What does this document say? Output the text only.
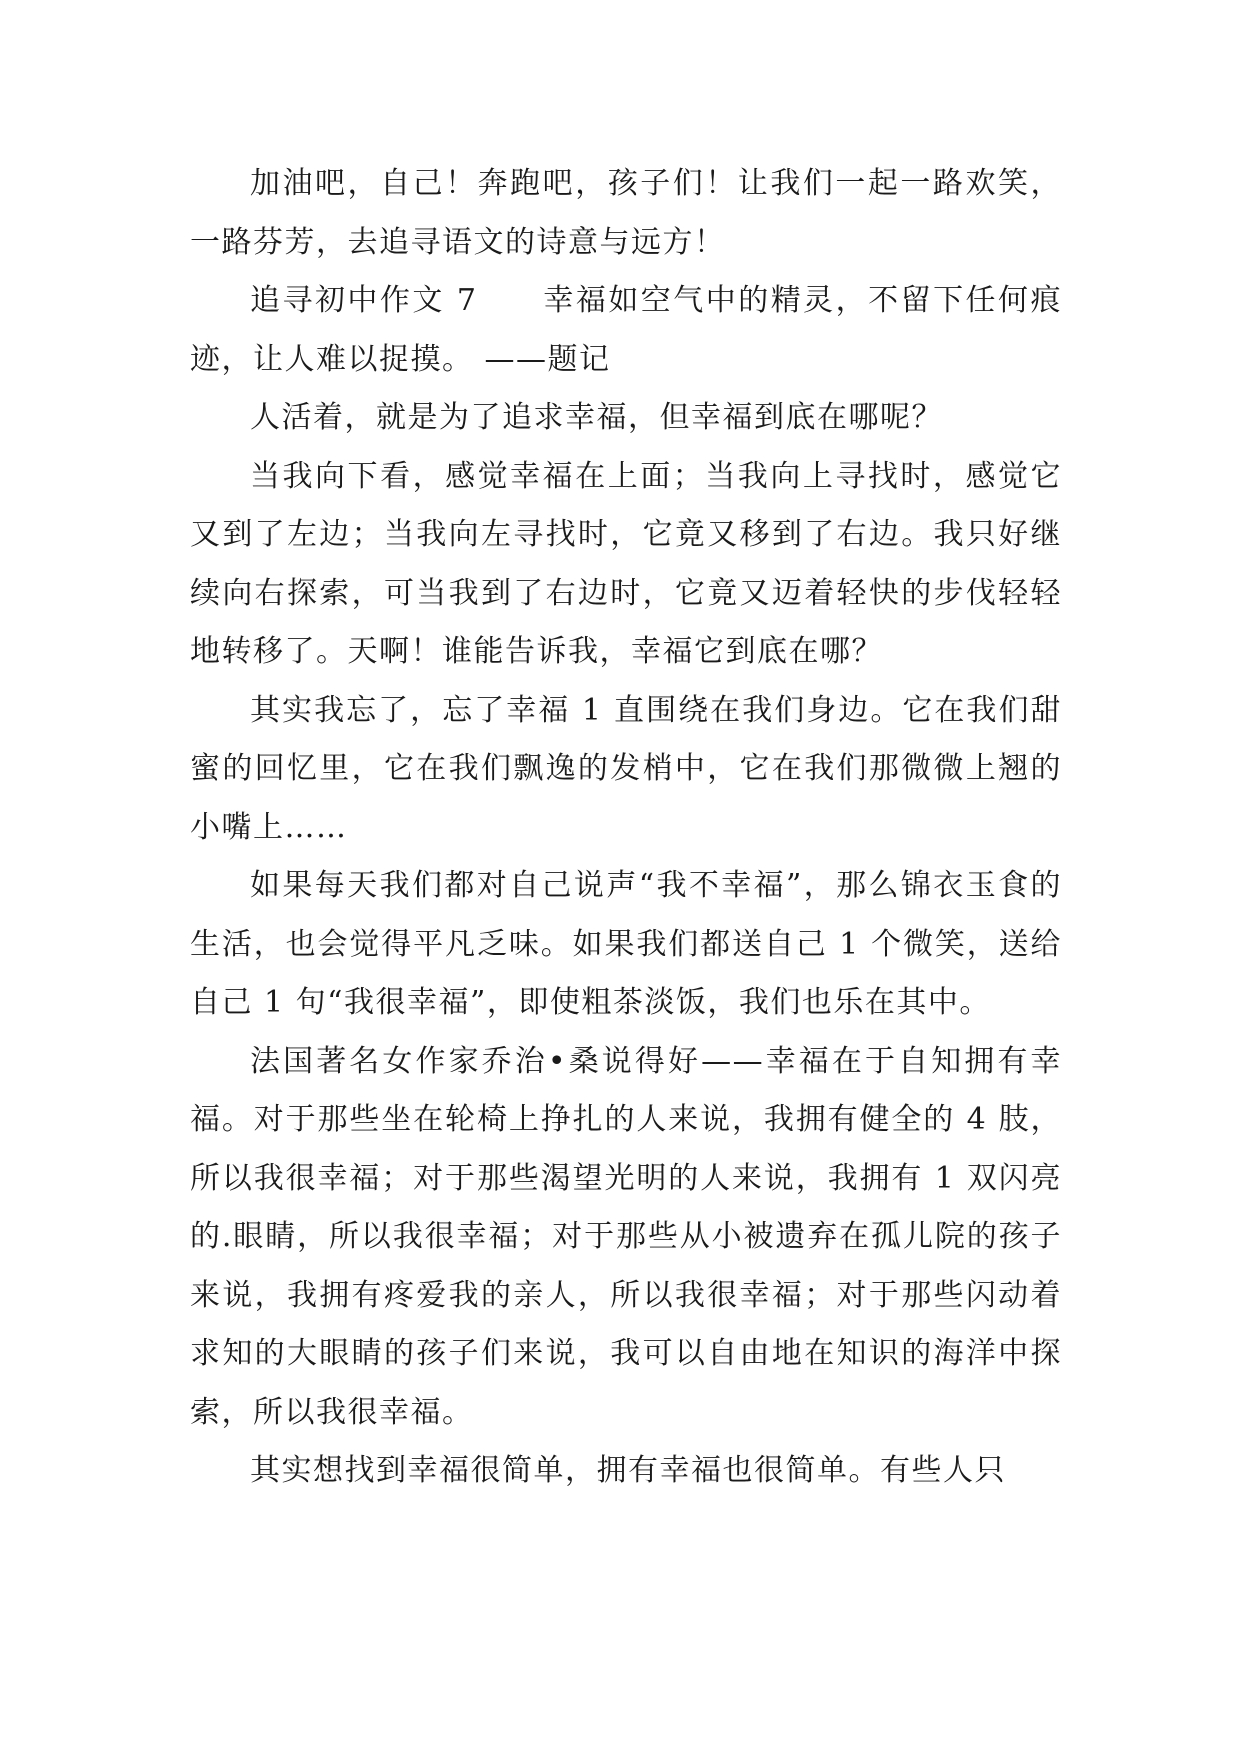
加油吧，自己！奔跑吧，孩子们！让我们一起一路欢笑，一路芬芳，去追寻语文的诗意与远方！

追寻初中作文 7　　幸福如空气中的精灵，不留下任何痕迹，让人难以捉摸。 ——题记

人活着，就是为了追求幸福，但幸福到底在哪呢？

当我向下看，感觉幸福在上面；当我向上寻找时，感觉它又到了左边；当我向左寻找时，它竟又移到了右边。我只好继续向右探索，可当我到了右边时，它竟又迈着轻快的步伐轻轻地转移了。天啊！谁能告诉我，幸福它到底在哪？

其实我忘了，忘了幸福 1 直围绕在我们身边。它在我们甜蜜的回忆里，它在我们飘逸的发梢中，它在我们那微微上翘的小嘴上……

如果每天我们都对自己说声“我不幸福”，那么锦衣玉食的生活，也会觉得平凡乏味。如果我们都送自己 1 个微笑，送给自己 1 句“我很幸福”，即使粗茶淡饭，我们也乐在其中。

法国著名女作家乔治•桑说得好——幸福在于自知拥有幸福。对于那些坐在轮椅上挣扎的人来说，我拥有健全的 4 肢，所以我很幸福；对于那些渴望光明的人来说，我拥有 1 双闪亮的.眼睛，所以我很幸福；对于那些从小被遗弃在孤儿院的孩子来说，我拥有疼爱我的亲人，所以我很幸福；对于那些闪动着求知的大眼睛的孩子们来说，我可以自由地在知识的海洋中探索，所以我很幸福。

其实想找到幸福很简单，拥有幸福也很简单。有些人只
